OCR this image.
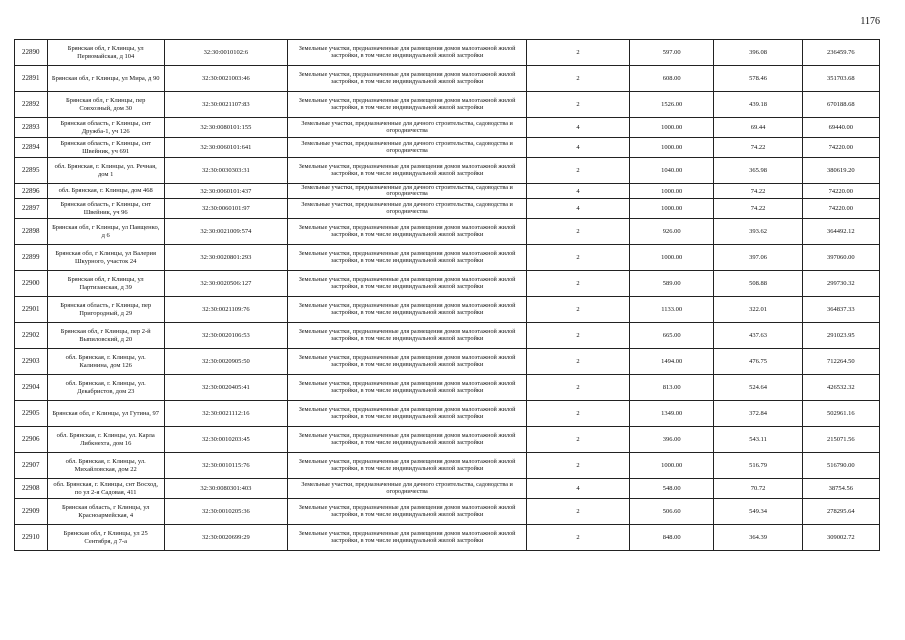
1176
22890	Брянская обл, г Клинцы, ул Первомайская, д 104	32:30:0010102:6	Земельные участки, предназначенные для размещения домов малоэтажной жилой застройки, в том числе индивидуальной жилой застройки	2	597.00	396.08	236459.76
22891	Брянская обл, г Клинцы, ул Мира, д 90	32:30:0021003:46	Земельные участки, предназначенные для размещения домов малоэтажной жилой застройки, в том числе индивидуальной жилой застройки	2	608.00	578.46	351703.68
22892	Брянская обл, г Клинцы, пер Совхозный, дом 30	32:30:0021107:83	Земельные участки, предназначенные для размещения домов малоэтажной жилой застройки, в том числе индивидуальной жилой застройки	2	1526.00	439.18	670188.68
22893	Брянская область, г Клинцы, снт Дружба-1, уч 126	32:30:0080101:155	Земельные участки, предназначенные для дачного строительства, садоводства и огородничества	4	1000.00	69.44	69440.00
22894	Брянская область, г Клинцы, снт Швейник, уч 691	32:30:0060101:641	Земельные участки, предназначенные для дачного строительства, садоводства и огородничества	4	1000.00	74.22	74220.00
22895	обл. Брянская, г. Клинцы, ул. Речная, дом 1	32:30:0030303:31	Земельные участки, предназначенные для размещения домов малоэтажной жилой застройки, в том числе индивидуальной жилой застройки	2	1040.00	365.98	380619.20
22896	обл. Брянская, г. Клинцы, дом 468	32:30:0060101:437	Земельные участки, предназначенные для дачного строительства, садоводства и огородничества	4	1000.00	74.22	74220.00
22897	Брянская область, г Клинцы, снт Швейник, уч 96	32:30:0060101:97	Земельные участки, предназначенные для дачного строительства, садоводства и огородничества	4	1000.00	74.22	74220.00
22898	Брянская обл, г Клинцы, ул Павщенко, д 6	32:30:0021009:574	Земельные участки, предназначенные для размещения домов малоэтажной жилой застройки, в том числе индивидуальной жилой застройки	2	926.00	393.62	364492.12
22899	Брянская обл, г Клинцы, ул Валерия Шкурного, участок 24	32:30:0020801:293	Земельные участки, предназначенные для размещения домов малоэтажной жилой застройки, в том числе индивидуальной жилой застройки	2	1000.00	397.06	397060.00
22900	Брянская обл, г Клинцы, ул Партизанская, д 39	32:30:0020506:127	Земельные участки, предназначенные для размещения домов малоэтажной жилой застройки, в том числе индивидуальной жилой застройки	2	589.00	508.88	299730.32
22901	Брянская область, г Клинцы, пер Пригородный, д 29	32:30:0021109:76	Земельные участки, предназначенные для размещения домов малоэтажной жилой застройки, в том числе индивидуальной жилой застройки	2	1133.00	322.01	364837.33
22902	Брянская обл, г Клинцы, пер 2-й Выпиловский, д 20	32:30:0020106:53	Земельные участки, предназначенные для размещения домов малоэтажной жилой застройки, в том числе индивидуальной жилой застройки	2	665.00	437.63	291023.95
22903	обл. Брянская, г. Клинцы, ул. Калинина, дом 126	32:30:0020905:50	Земельные участки, предназначенные для размещения домов малоэтажной жилой застройки, в том числе индивидуальной жилой застройки	2	1494.00	476.75	712264.50
22904	обл. Брянская, г. Клинцы, ул. Декабристов, дом 23	32:30:0020405:41	Земельные участки, предназначенные для размещения домов малоэтажной жилой застройки, в том числе индивидуальной жилой застройки	2	813.00	524.64	426532.32
22905	Брянская обл, г Клинцы, ул Гутина, 97	32:30:0021112:16	Земельные участки, предназначенные для размещения домов малоэтажной жилой застройки, в том числе индивидуальной жилой застройки	2	1349.00	372.84	502961.16
22906	обл. Брянская, г. Клинцы, ул. Карла Либкнехта, дом 16	32:30:0010203:45	Земельные участки, предназначенные для размещения домов малоэтажной жилой застройки, в том числе индивидуальной жилой застройки	2	396.00	543.11	215071.56
22907	обл. Брянская, г. Клинцы, ул. Михайловская, дом 22	32:30:0010115:76	Земельные участки, предназначенные для размещения домов малоэтажной жилой застройки, в том числе индивидуальной жилой застройки	2	1000.00	516.79	516790.00
22908	обл. Брянская, г. Клинцы, снт Восход, по ул 2-я Садовая, 411	32:30:0080301:403	Земельные участки, предназначенные для дачного строительства, садоводства и огородничества	4	548.00	70.72	38754.56
22909	Брянская область, г Клинцы, ул Красноармейская, 4	32:30:0010205:36	Земельные участки, предназначенные для размещения домов малоэтажной жилой застройки, в том числе индивидуальной жилой застройки	2	506.60	549.34	278295.64
22910	Брянская обл, г Клинцы, ул 25 Сентября, д 7-а	32:30:0020699:29	Земельные участки, предназначенные для размещения домов малоэтажной жилой застройки, в том числе индивидуальной жилой застройки	2	848.00	364.39	309002.72
